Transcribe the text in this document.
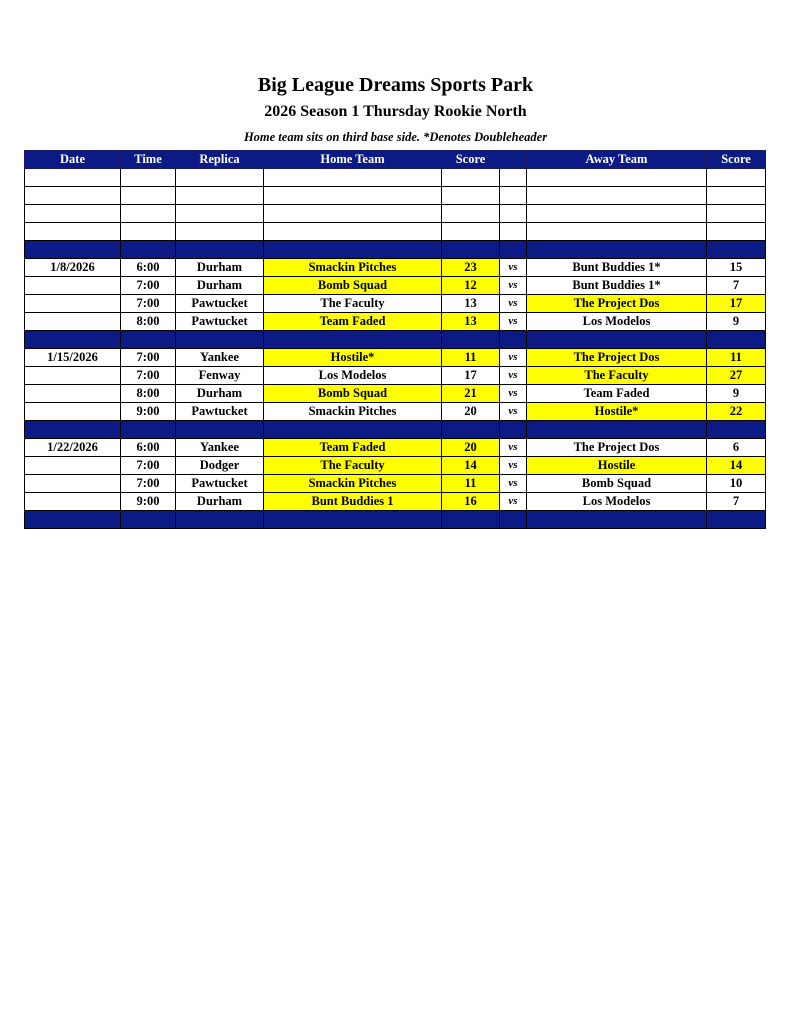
Big League Dreams Sports Park
2026 Season 1 Thursday Rookie North
Home team sits on third base side. *Denotes Doubleheader
Date	Time	Replica	Home Team	Score		Away Team	Score

1/8/2026	6:00	Durham	Smackin Pitches	23	vs	Bunt Buddies 1*	15
	7:00	Durham	Bomb Squad	12	vs	Bunt Buddies 1*	7
	7:00	Pawtucket	The Faculty	13	vs	The Project Dos	17
	8:00	Pawtucket	Team Faded	13	vs	Los Modelos	9

1/15/2026	7:00	Yankee	Hostile*	11	vs	The Project Dos	11
	7:00	Fenway	Los Modelos	17	vs	The Faculty	27
	8:00	Durham	Bomb Squad	21	vs	Team Faded	9
	9:00	Pawtucket	Smackin Pitches	20	vs	Hostile*	22

1/22/2026	6:00	Yankee	Team Faded	20	vs	The Project Dos	6
	7:00	Dodger	The Faculty	14	vs	Hostile	14
	7:00	Pawtucket	Smackin Pitches	11	vs	Bomb Squad	10
	9:00	Durham	Bunt Buddies 1	16	vs	Los Modelos	7
